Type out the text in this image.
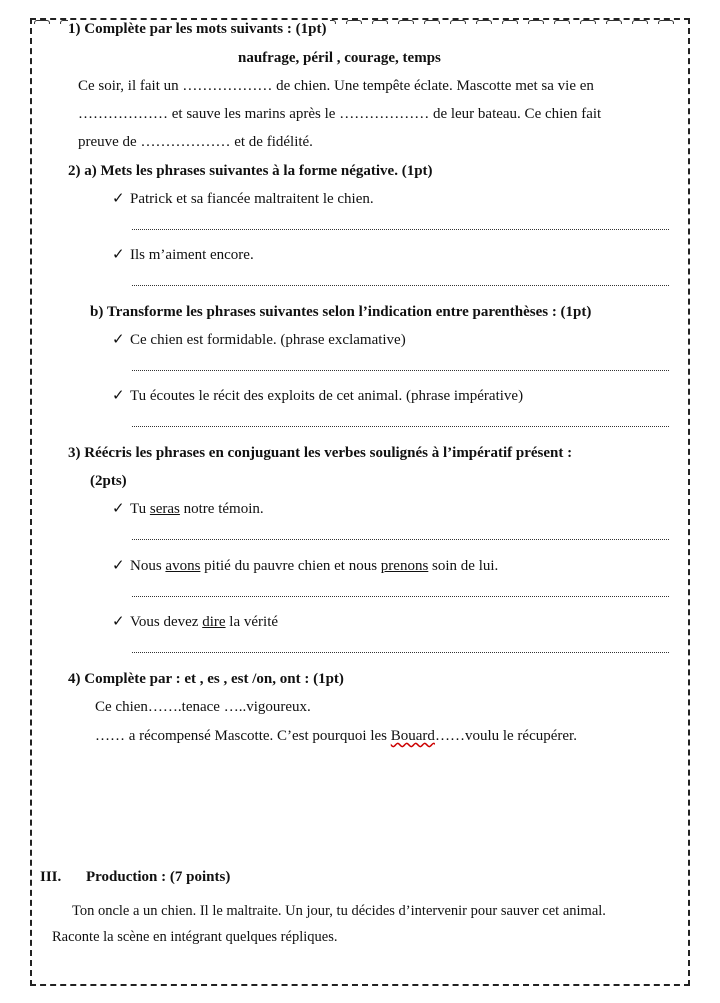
1) Complète par les mots suivants : (1pt)
naufrage, péril , courage, temps
Ce soir, il fait un ……………… de chien. Une tempête éclate. Mascotte met sa vie en
……………… et sauve les marins après le ……………… de leur bateau. Ce chien fait
preuve de ……………… et de fidélité.
2) a) Mets les phrases suivantes à la forme négative. (1pt)
✓ Patrick et sa fiancée maltraitent le chien.
✓ Ils m’aiment encore.
b) Transforme les phrases suivantes selon l’indication entre parenthèses : (1pt)
✓ Ce chien est formidable. (phrase exclamative)
✓ Tu écoutes le récit des exploits de cet animal. (phrase impérative)
3) Réécris les phrases en conjuguant les verbes soulignés à l’impératif présent :
(2pts)
✓ Tu seras notre témoin.
✓ Nous avons pitié du pauvre chien et nous prenons soin de lui.
✓ Vous devez dire la vérité
4) Complète par : et , es , est /on, ont : (1pt)
Ce chien…….tenace …..vigoureux.
…… a récompensé Mascotte. C’est pourquoi les Bouard……voulu le récupérer.
III. Production : (7 points)
Ton oncle a un chien. Il le maltraite. Un jour, tu décides d’intervenir pour sauver cet animal.
Raconte la scène en intégrant quelques répliques.
